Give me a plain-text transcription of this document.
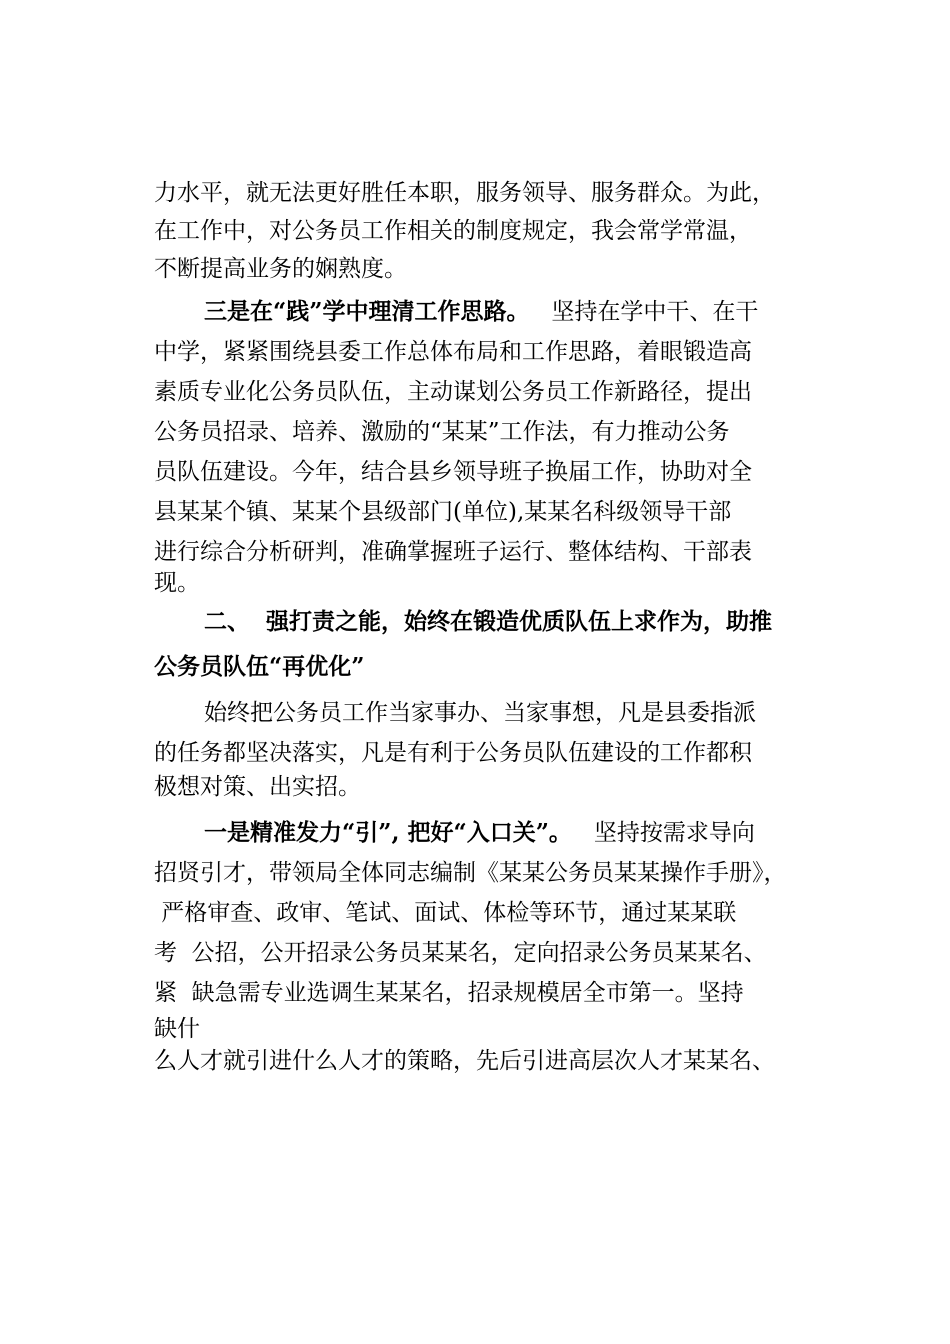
力水平，就无法更好胜任本职，服务领导、服务群众。为此，
在工作中，对公务员工作相关的制度规定，我会常学常温，
不断提高业务的娴熟度。
三是在“践”学中理清工作思路。   坚持在学中干、在干
中学，紧紧围绕县委工作总体布局和工作思路，着眼锻造高
素质专业化公务员队伍，主动谋划公务员工作新路径，提出
公务员招录、培养、激励的“某某”工作法，有力推动公务
员队伍建设。今年，结合县乡领导班子换届工作，协助对全
县某某个镇、某某个县级部门(单位),某某名科级领导干部
进行综合分析研判，准确掌握班子运行、整体结构、干部表
现。
二、  强打责之能，始终在锻造优质队伍上求作为，助推
公务员队伍“再优化”
始终把公务员工作当家事办、当家事想，凡是县委指派
的任务都坚决落实，凡是有利于公务员队伍建设的工作都积
极想对策、出实招。
一是精准发力“引”, 把好“入口关”。   坚持按需求导向
招贤引才，带领局全体同志编制《某某公务员某某操作手册》，
严格审查、政审、笔试、面试、体检等环节，通过某某联
考  公招，公开招录公务员某某名，定向招录公务员某某名、
紧  缺急需专业选调生某某名，招录规模居全市第一。坚持
缺什
么人才就引进什么人才的策略，先后引进高层次人才某某名、
